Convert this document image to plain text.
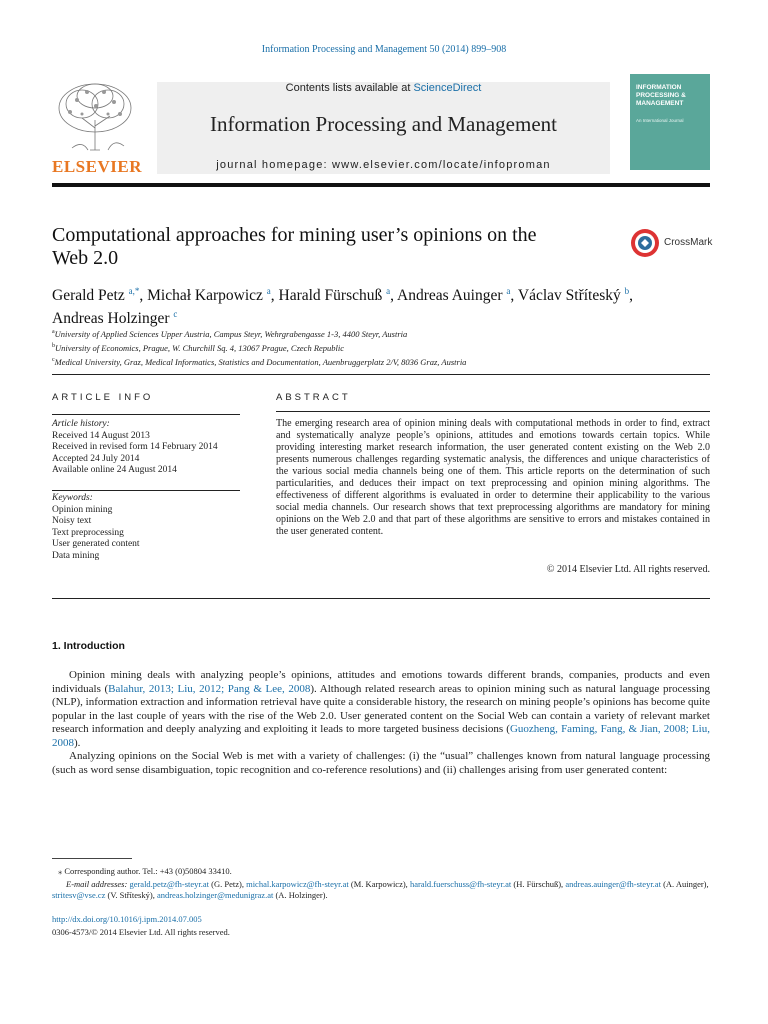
Information Processing and Management 50 (2014) 899–908
ELSEVIER
Contents lists available at ScienceDirect
Information Processing and Management
journal homepage: www.elsevier.com/locate/infoproman
INFORMATION PROCESSING & MANAGEMENT
An International Journal
Computational approaches for mining user’s opinions on the Web 2.0
CrossMark
Gerald Petz $^{a,*}$, Michał Karpowicz $^a$, Harald Fürschuß $^a$, Andreas Auinger $^a$, Václav Stříteský $^b$,
Andreas Holzinger $^c$
$^a$University of Applied Sciences Upper Austria, Campus Steyr, Wehrgrabengasse 1-3, 4400 Steyr, Austria
$^b$University of Economics, Prague, W. Churchill Sq. 4, 13067 Prague, Czech Republic
$^c$Medical University, Graz, Medical Informatics, Statistics and Documentation, Auenbruggerplatz 2/V, 8036 Graz, Austria
ARTICLE INFO
Article history:
Received 14 August 2013
Received in revised form 14 February 2014
Accepted 24 July 2014
Available online 24 August 2014
Keywords:
Opinion mining
Noisy text
Text preprocessing
User generated content
Data mining
ABSTRACT
The emerging research area of opinion mining deals with computational methods in order to find, extract and systematically analyze people’s opinions, attitudes and emotions towards certain topics. While providing interesting market research information, the user generated content existing on the Web 2.0 presents numerous challenges regarding systematic analysis, the differences and unique characteristics of the various social media channels being one of them. This article reports on the determination of such particularities, and deduces their impact on text preprocessing and opinion mining algorithms. The effectiveness of different algorithms is evaluated in order to determine their applicability to the various social media channels. Our research shows that text preprocessing algorithms are mandatory for mining opinions on the Web 2.0 and that part of these algorithms are sensitive to errors and mistakes contained in the user generated content.
© 2014 Elsevier Ltd. All rights reserved.
1. Introduction

Opinion mining deals with analyzing people’s opinions, attitudes and emotions towards different brands, companies, products and even individuals (Balahur, 2013; Liu, 2012; Pang & Lee, 2008). Although related research areas to opinion mining such as natural language processing (NLP), information extraction and information retrieval have quite a considerable history, the research on mining people’s opinions has become quite popular in the last couple of years with the rise of the Web 2.0. User generated content on the Social Web can contain a variety of relevant market research information and deeply analyzing and exploiting it leads to more targeted business decisions (Guozheng, Faming, Fang, & Jian, 2008; Liu, 2008).

Analyzing opinions on the Social Web is met with a variety of challenges: (i) the “usual” challenges known from natural language processing (such as word sense disambiguation, topic recognition and co-reference resolutions) and (ii) challenges arising from user generated content:

⁎ Corresponding author. Tel.: +43 (0)50804 33410.
E-mail addresses: gerald.petz@fh-steyr.at (G. Petz), michal.karpowicz@fh-steyr.at (M. Karpowicz), harald.fuerschuss@fh-steyr.at (H. Fürschuß), andreas.auinger@fh-steyr.at (A. Auinger), stritesv@vse.cz (V. Stříteský), andreas.holzinger@medunigraz.at (A. Holzinger).
http://dx.doi.org/10.1016/j.ipm.2014.07.005
0306-4573/© 2014 Elsevier Ltd. All rights reserved.
